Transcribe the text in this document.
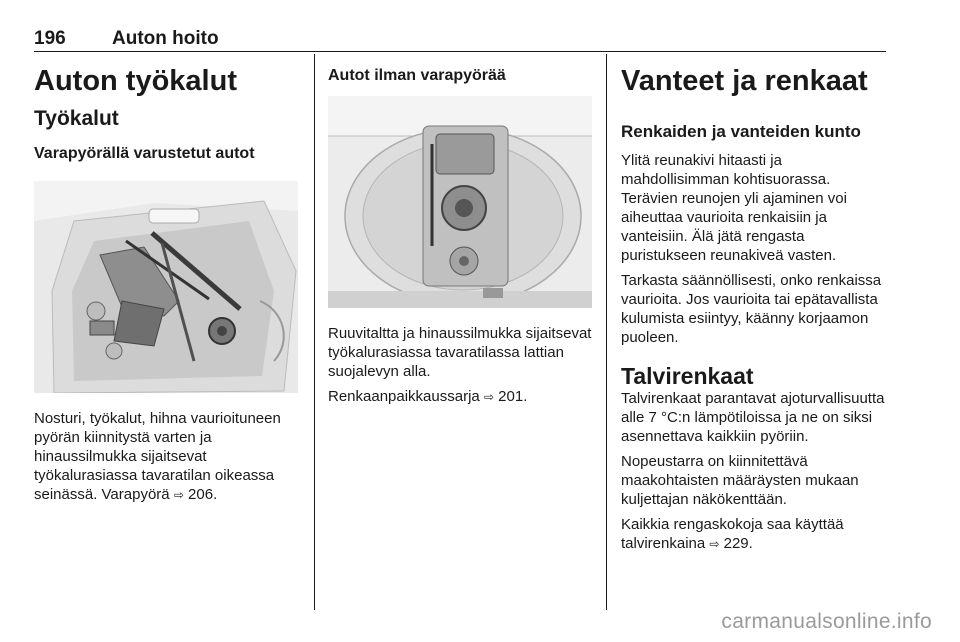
196 Auton hoito
Auton työkalut
Työkalut
Varapyörällä varustetut autot

Nosturi, työkalut, hihna vaurioituneen pyörän kiinnitystä varten ja hinaussilmukka sijaitsevat työkalurasiassa tavaratilan oikeassa seinässä. Varapyörä ⇨ 206.

Autot ilman varapyörää

Ruuvitaltta ja hinaussilmukka sijaitsevat työkalurasiassa tavaratilassa lattian suojalevyn alla.

Renkaanpaikkaussarja ⇨ 201.

Vanteet ja renkaat
Renkaiden ja vanteiden kunto

Ylitä reunakivi hitaasti ja mahdollisimman kohtisuorassa. Terävien reunojen yli ajaminen voi aiheuttaa vaurioita renkaisiin ja vanteisiin. Älä jätä rengasta puristukseen reunakiveä vasten.

Tarkasta säännöllisesti, onko renkaissa vaurioita. Jos vaurioita tai epätavallista kulumista esiintyy, käänny korjaamon puoleen.

Talvirenkaat

Talvirenkaat parantavat ajoturvallisuutta alle 7 °C:n lämpötiloissa ja ne on siksi asennettava kaikkiin pyöriin.

Nopeustarra on kiinnitettävä maakohtaisten määräysten mukaan kuljettajan näkökenttään.

Kaikkia rengaskokoja saa käyttää talvirenkaina ⇨ 229.

carmanualsonline.info
